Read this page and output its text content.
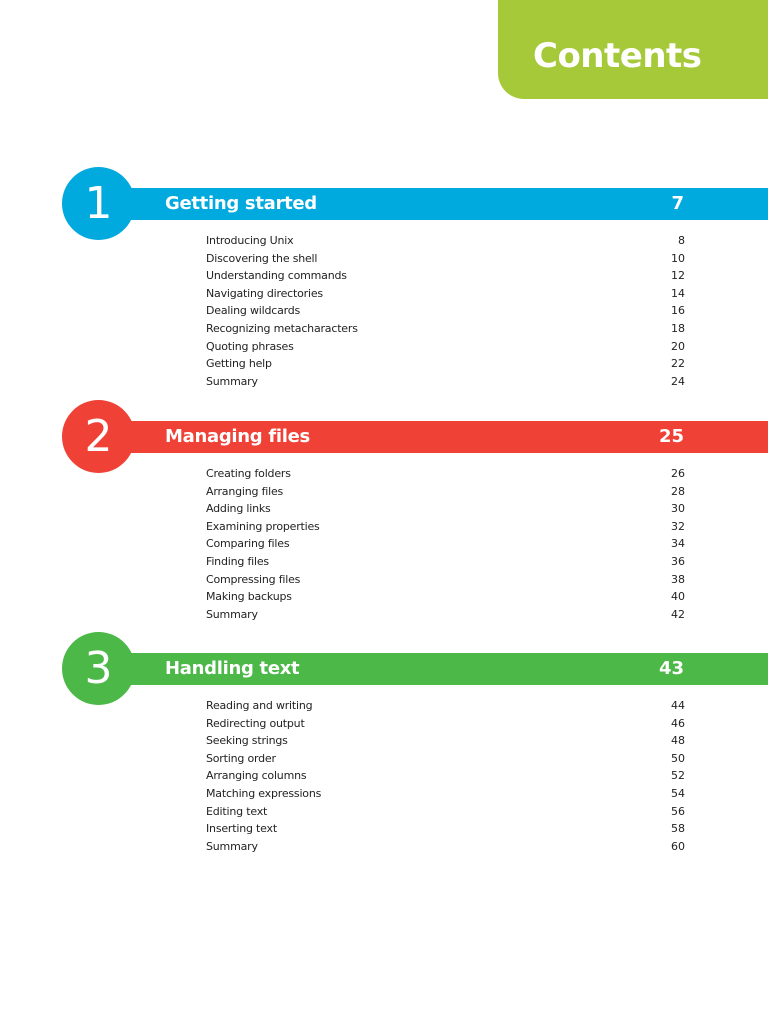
Contents
1	Getting started	7
Introducing Unix	8
Discovering the shell	10
Understanding commands	12
Navigating directories	14
Dealing wildcards	16
Recognizing metacharacters	18
Quoting phrases	20
Getting help	22
Summary	24
2	Managing files	25
Creating folders	26
Arranging files	28
Adding links	30
Examining properties	32
Comparing files	34
Finding files	36
Compressing files	38
Making backups	40
Summary	42
3	Handling text	43
Reading and writing	44
Redirecting output	46
Seeking strings	48
Sorting order	50
Arranging columns	52
Matching expressions	54
Editing text	56
Inserting text	58
Summary	60
